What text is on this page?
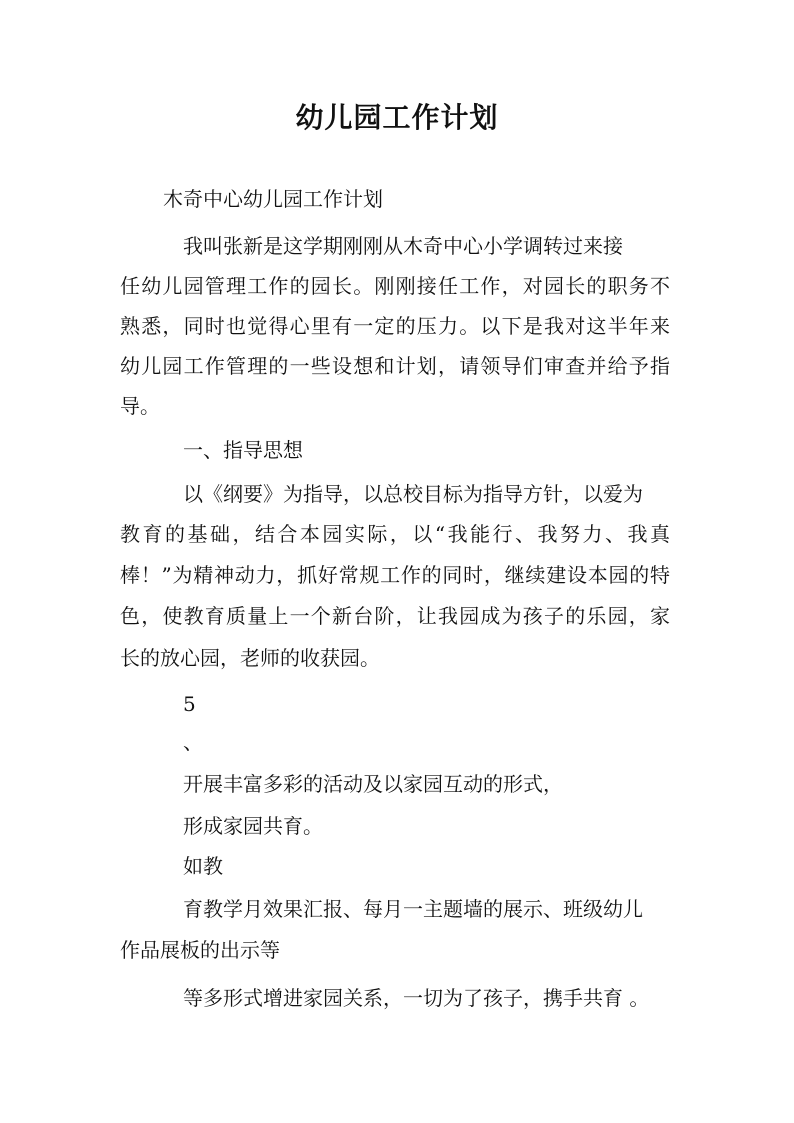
幼儿园工作计划
木奇中心幼儿园工作计划
我叫张新是这学期刚刚从木奇中心小学调转过来接
任幼儿园管理工作的园长。刚刚接任工作，对园长的职务不
熟悉，同时也觉得心里有一定的压力。以下是我对这半年来
幼儿园工作管理的一些设想和计划，请领导们审查并给予指
导。
一、指导思想
以《纲要》为指导，以总校目标为指导方针，以爱为
教育的基础，结合本园实际，以“我能行、我努力、我真
棒！”为精神动力，抓好常规工作的同时，继续建设本园的特
色，使教育质量上一个新台阶，让我园成为孩子的乐园，家
长的放心园，老师的收获园。
5
、
开展丰富多彩的活动及以家园互动的形式，
形成家园共育。
如教
育教学月效果汇报、每月一主题墙的展示、班级幼儿
作品展板的出示等
等多形式增进家园关系，一切为了孩子，携手共育 。
